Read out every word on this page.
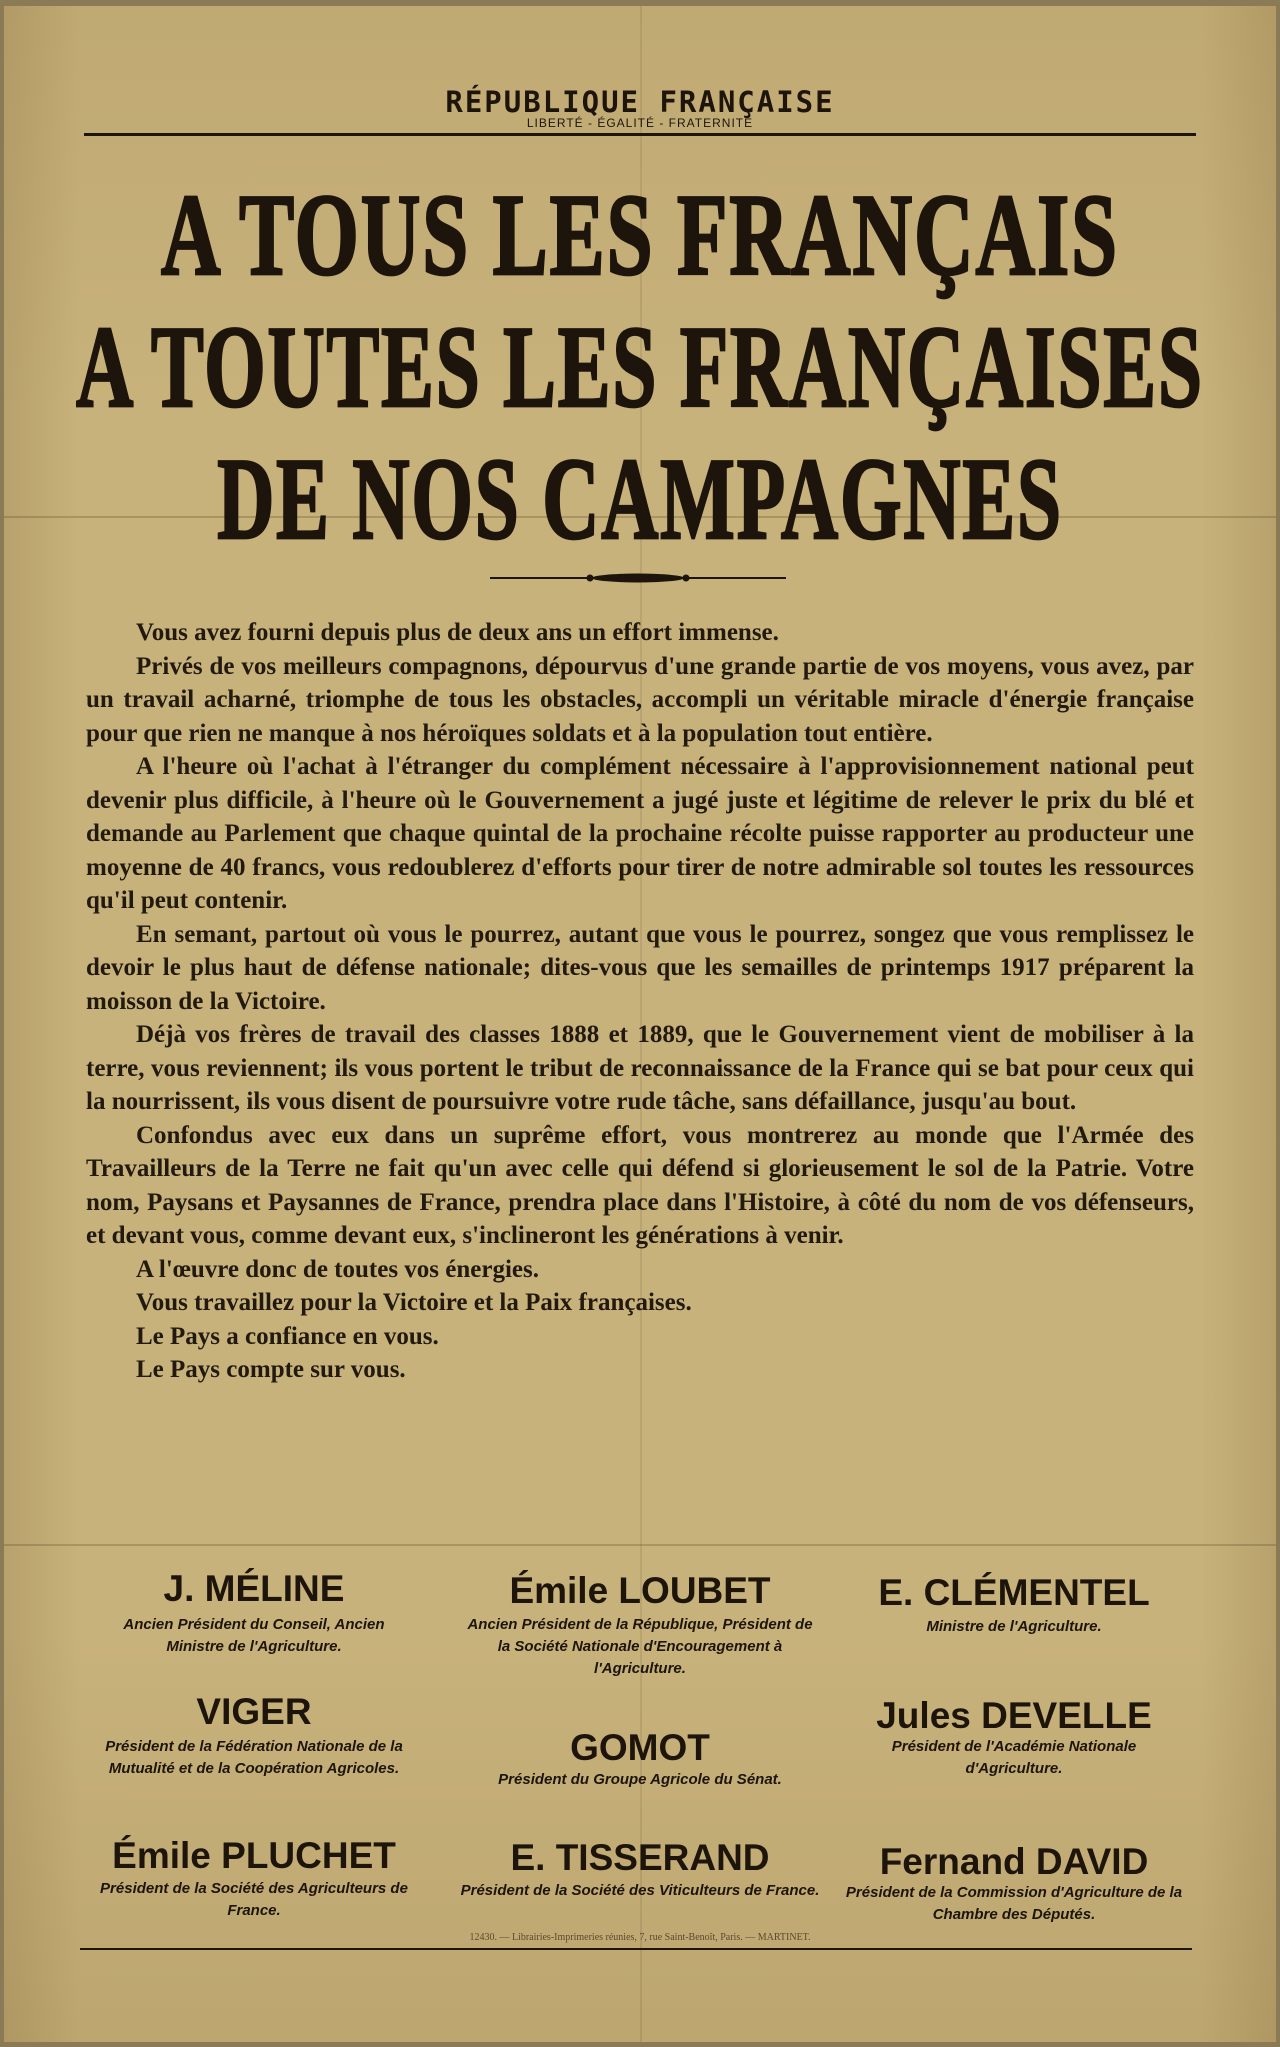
RÉPUBLIQUE FRANÇAISE
LIBERTÉ - ÉGALITÉ - FRATERNITÉ
A TOUS LES FRANÇAIS
A TOUTES LES FRANÇAISES
DE NOS CAMPAGNES

Vous avez fourni depuis plus de deux ans un effort immense.

Privés de vos meilleurs compagnons, dépourvus d'une grande partie de vos moyens, vous avez, par un travail acharné, triomphe de tous les obstacles, accompli un véritable miracle d'énergie française pour que rien ne manque à nos héroïques soldats et à la population tout entière.

A l'heure où l'achat à l'étranger du complément nécessaire à l'approvisionnement national peut devenir plus difficile, à l'heure où le Gouvernement a jugé juste et légitime de relever le prix du blé et demande au Parlement que chaque quintal de la prochaine récolte puisse rapporter au producteur une moyenne de 40 francs, vous redoublerez d'efforts pour tirer de notre admirable sol toutes les ressources qu'il peut contenir.

En semant, partout où vous le pourrez, autant que vous le pourrez, songez que vous remplissez le devoir le plus haut de défense nationale; dites-vous que les semailles de printemps 1917 préparent la moisson de la Victoire.

Déjà vos frères de travail des classes 1888 et 1889, que le Gouvernement vient de mobiliser à la terre, vous reviennent; ils vous portent le tribut de reconnaissance de la France qui se bat pour ceux qui la nourrissent, ils vous disent de poursuivre votre rude tâche, sans défaillance, jusqu'au bout.

Confondus avec eux dans un suprême effort, vous montrerez au monde que l'Armée des Travailleurs de la Terre ne fait qu'un avec celle qui défend si glorieusement le sol de la Patrie. Votre nom, Paysans et Paysannes de France, prendra place dans l'Histoire, à côté du nom de vos défenseurs, et devant vous, comme devant eux, s'inclineront les générations à venir.

A l'œuvre donc de toutes vos énergies.

Vous travaillez pour la Victoire et la Paix françaises.

Le Pays a confiance en vous.

Le Pays compte sur vous.

J. MÉLINE
Ancien Président du Conseil, Ancien Ministre de l'Agriculture.
Émile LOUBET
Ancien Président de la République, Président de la Société Nationale d'Encouragement à l'Agriculture.
E. CLÉMENTEL
Ministre de l'Agriculture.
VIGER
Président de la Fédération Nationale de la Mutualité et de la Coopération Agricoles.
GOMOT
Président du Groupe Agricole du Sénat.
Jules DEVELLE
Président de l'Académie Nationale d'Agriculture.
Émile PLUCHET
Président de la Société des Agriculteurs de France.
E. TISSERAND
Président de la Société des Viticulteurs de France.
Fernand DAVID
Président de la Commission d'Agriculture de la Chambre des Députés.
12430. — Librairies-Imprimeries réunies, 7, rue Saint-Benoît, Paris. — MARTINET.
